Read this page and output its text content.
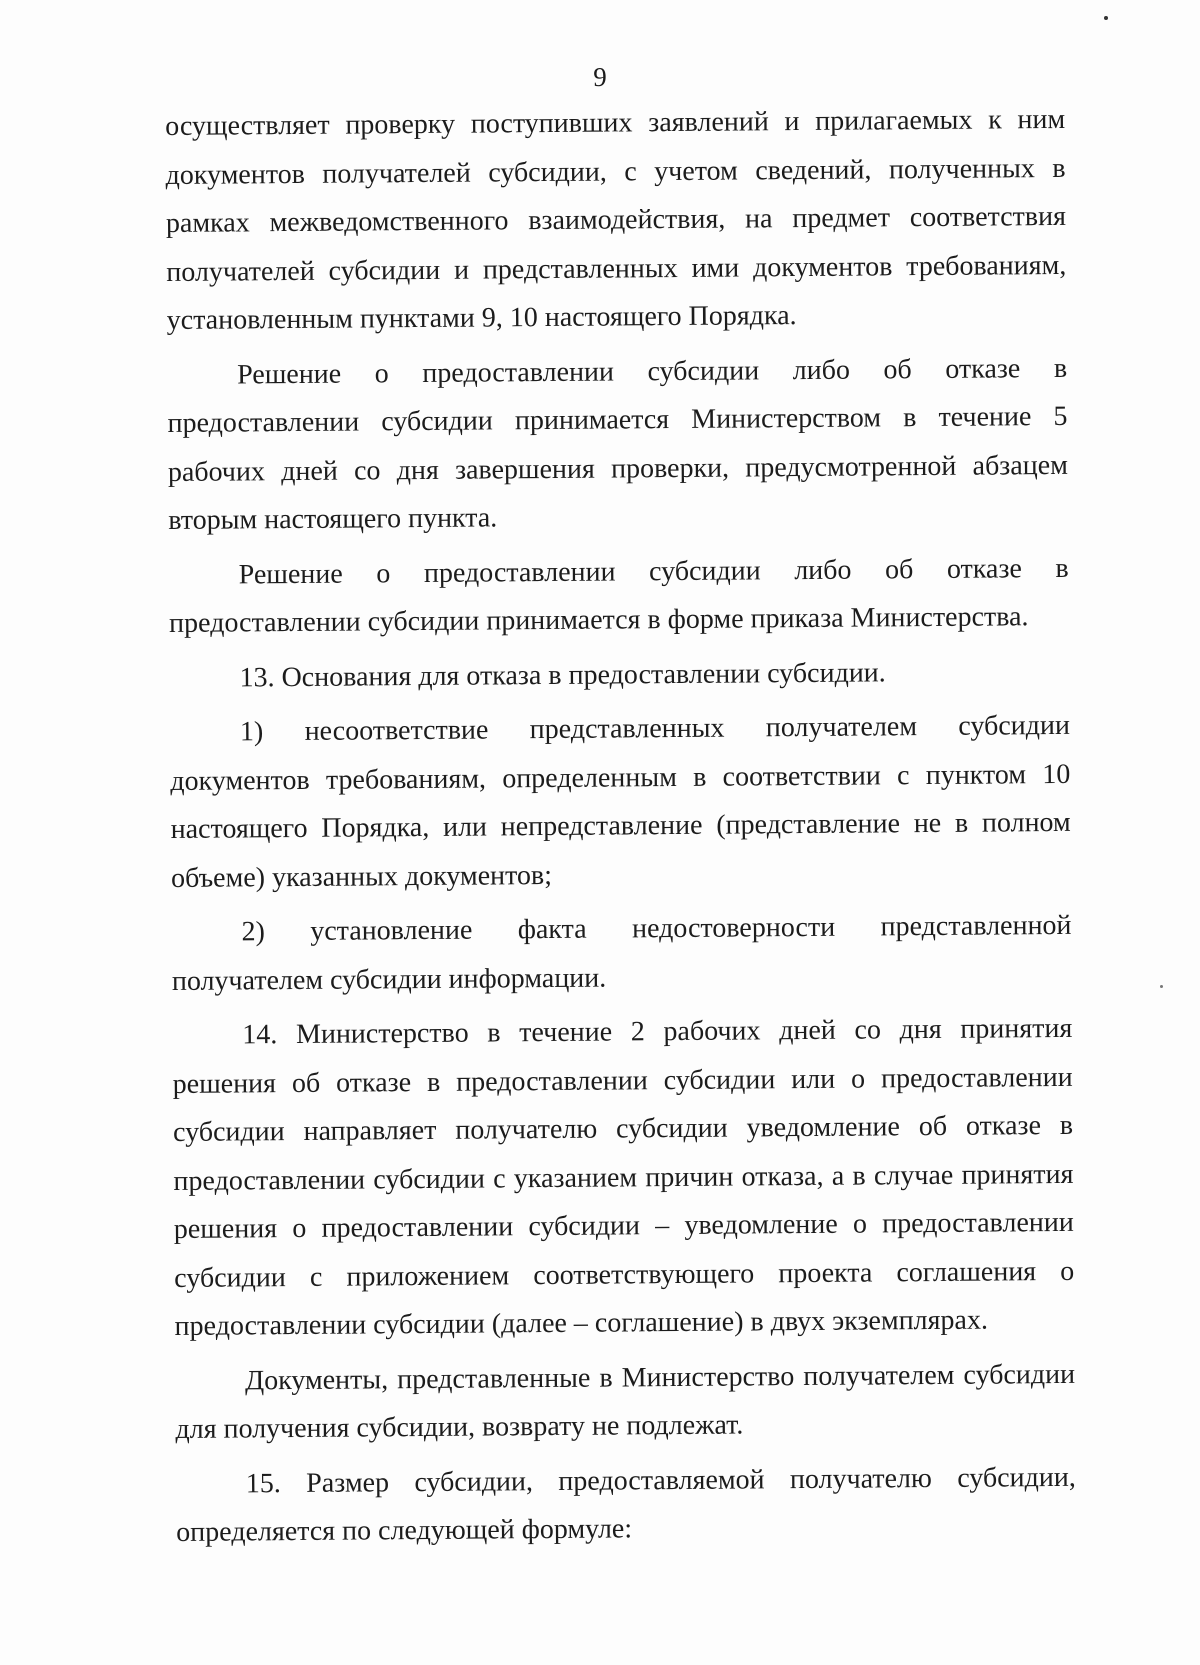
9

осуществляет проверку поступивших заявлений и прилагаемых к ним документов получателей субсидии, с учетом сведений, полученных в рамках межведомственного взаимодействия, на предмет соответствия получателей субсидии и представленных ими документов требованиям, установленным пунктами 9, 10 настоящего Порядка.

Решение о предоставлении субсидии либо об отказе в предоставлении субсидии принимается Министерством в течение 5 рабочих дней со дня завершения проверки, предусмотренной абзацем вторым настоящего пункта.

Решение о предоставлении субсидии либо об отказе в предоставлении субсидии принимается в форме приказа Министерства.

13. Основания для отказа в предоставлении субсидии.

1) несоответствие представленных получателем субсидии документов требованиям, определенным в соответствии с пунктом 10 настоящего Порядка, или непредставление (представление не в полном объеме) указанных документов;

2) установление факта недостоверности представленной получателем субсидии информации.

14. Министерство в течение 2 рабочих дней со дня принятия решения об отказе в предоставлении субсидии или о предоставлении субсидии направляет получателю субсидии уведомление об отказе в предоставлении субсидии с указанием причин отказа, а в случае принятия решения о предоставлении субсидии – уведомление о предоставлении субсидии с приложением соответствующего проекта соглашения о предоставлении субсидии (далее – соглашение) в двух экземплярах.

Документы, представленные в Министерство получателем субсидии для получения субсидии, возврату не подлежат.

15. Размер субсидии, предоставляемой получателю субсидии, определяется по следующей формуле:
